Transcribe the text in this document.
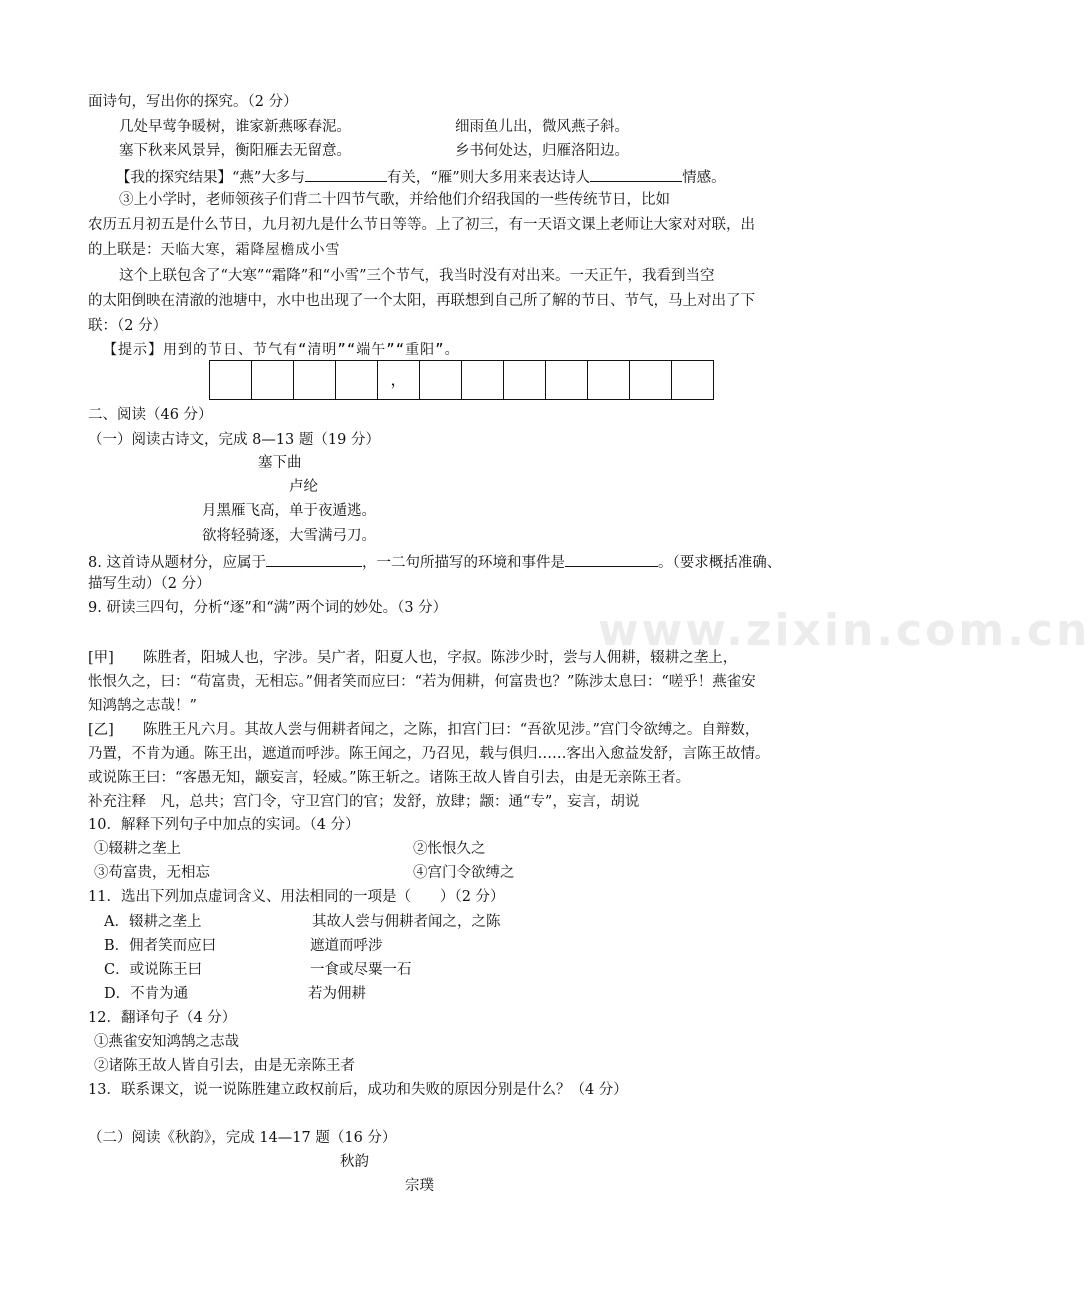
www.zixin.com.cn
面诗句，写出你的探究。（2 分）
几处早莺争暖树，谁家新燕啄春泥。	细雨鱼儿出，微风燕子斜。
塞下秋来风景异，衡阳雁去无留意。	乡书何处达，归雁洛阳边。
【我的探究结果】“燕”大多与	有关，“雁”则大多用来表达诗人	情感。
③上小学时，老师领孩子们背二十四节气歌，并给他们介绍我国的一些传统节日，比如
农历五月初五是什么节日，九月初九是什么节日等等。上了初三，有一天语文课上老师让大家对对联，出
的上联是：天临大寒，霜降屋檐成小雪
这个上联包含了“大寒”“霜降”和“小雪”三个节气，我当时没有对出来。一天正午，我看到当空
的太阳倒映在清澈的池塘中，水中也出现了一个太阳，再联想到自己所了解的节日、节气，马上对出了下
联：（2 分）
【提示】用到的节日、节气有“清明”“端午”“重阳”。
，
二、阅读（46 分）
（一）阅读古诗文，完成 8—13 题（19 分）
塞下曲
卢纶
月黑雁飞高，单于夜遁逃。
欲将轻骑逐，大雪满弓刀。
8. 这首诗从题材分，应属于	，一二句所描写的环境和事件是	。（要求概括准确、
描写生动）（2 分）
9. 研读三四句，分析“逐”和“满”两个词的妙处。（3 分）
[甲]　　陈胜者，阳城人也，字涉。吴广者，阳夏人也，字叔。陈涉少时，尝与人佣耕，辍耕之垄上，
怅恨久之，曰：“苟富贵，无相忘。”佣者笑而应曰：“若为佣耕，何富贵也？”陈涉太息曰：“嗟乎！燕雀安
知鸿鹄之志哉！”
[乙]　　陈胜王凡六月。其故人尝与佣耕者闻之，之陈，扣宫门曰：“吾欲见涉。”宫门令欲缚之。自辩数，
乃置，不肯为通。陈王出，遮道而呼涉。陈王闻之，乃召见，载与俱归……客出入愈益发舒，言陈王故情。
或说陈王曰：“客愚无知，颛妄言，轻威。”陈王斩之。诸陈王故人皆自引去，由是无亲陈王者。
补充注释　凡，总共；宫门令，守卫宫门的官；发舒，放肆；颛：通“专”，妄言，胡说
10．解释下列句子中加点的实词。（4 分）
①辍耕之垄上	②怅恨久之
③苟富贵，无相忘	④宫门令欲缚之
11．选出下列加点虚词含义、用法相同的一项是（　　）（2 分）
A．辍耕之垄上	其故人尝与佣耕者闻之，之陈
B．佣者笑而应曰	遮道而呼涉
C．或说陈王曰	一食或尽粟一石
D．不肯为通	若为佣耕
12．翻译句子（4 分）
①燕雀安知鸿鹄之志哉
②诸陈王故人皆自引去，由是无亲陈王者
13．联系课文，说一说陈胜建立政权前后，成功和失败的原因分别是什么？（4 分）
（二）阅读《秋韵》，完成 14—17 题（16 分）
秋韵
宗璞
